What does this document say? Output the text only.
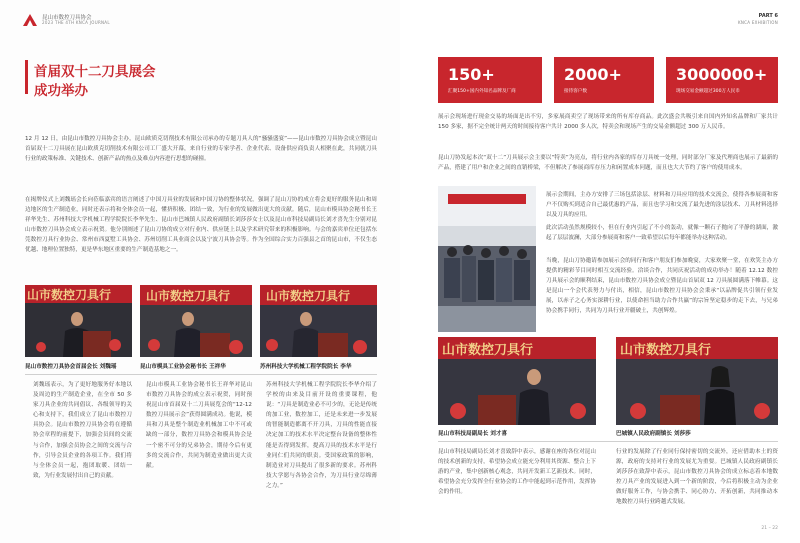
昆山市数控刀具协会
2023 THE 4TH KNCA JOURNAL
首届双十二刀具展会
成功举办
12 月 12 日，由昆山市数控刀具协会主办，昆山欧质克切削技术有限公司承办的专题刀具人的“骚骚盛宴”——昆山市数控刀具协会成立暨昆山首届双十二刀具展在昆山欧质克切削技术有限公司工厂盛大开幕，来自行业的专家学者、企业代表、设备供应商负责人相聚在此，共同就刀具行业的政策标准、关键技术、创新产品的热点及难点内容进行思想的碰撞。
在揭牌仪式上刘魏瑶会长向莅临嘉宾的语言阐述了中国刀具业的发展和中国刀协的整体状况，强调了昆山刀协的成立将会更好的服务昆山和周边地区的生产制造业，同时还表示将和全体会员一起，懂挤积极、团结一致，为行业的发展做出更大的贡献。随后，昆山市模具协会秘书长王祥华先生、苏州科技大学机械工程学院院长李华先生、昆山市巴城镇人民政府副镇长刘莎莎女士以及昆山市科技局副局长刘才喜先生分别对昆山市数控刀具协会成立表示祝贺。他分别阐述了昆山刀协的成立对行业内、供应链上以及学术研究带来的积极影响。与会的嘉宾单位还包括东莞数控刀具行业协会、常州市西夏墅工具协会、苏州切削工具业商会以及宁波刀具协会等。作为全国综合实力百强县之首的昆山市，不仅生态优越、地理位置独特，更是华东地区重要的生产制造基地之一。
山市数控刀具行	山市数控刀具行	山市数控刀具行
昆山市数控刀具协会首届会长 刘魏瑶	昆山市模具工业协会秘书长 王祥华	苏州科技大学机械工程学院院长 李华
刘魏瑶表示，为了更好地服务好本地以及周边的生产制造企业，在全市 50 多家刀具企业的共同倡议、各级领导的关心和支持下，我们成立了昆山市数控刀具协会。昆山市数控刀具协会将在遵循协会章程的前提下，加强会员间的交流与合作，加强会员协会之间的交流与合作，引导会员企业的各项工作。我们将与全体会员一起，抱团取暖、团结一致，为行业发展付出自己的贡献。
昆山市模具工业协会秘书长王祥华对昆山市数控刀具协会的成立表示祝贺，同时预祝昆山市首届双十二刀具展览会的“12-12 数控刀具展示会”获得圆满成功。他说，模具和刀具是整个制造业机械加工中不可或缺的一部分，数控刀具协会和模具协会是一个密不可分的兄弟协会，期待今后有更多的交流合作，共同为制造业做出更大贡献。
苏州科技大学机械工程学院院长李华介绍了学校的由来及目前开设的重要课程，他说：“刀具是制造业必不可少的，无论是传统的加工业，数控加工，还是未来进一步发展的智能制造都离不开刀具，刀具的性能直接决定加工的技术水平决定整台设备的整体性能是否得到发挥，提高刀具的技术水平是行业同仁们共同的职责。受国家政策的影响，制造业对刀具提出了很多新的要求。苏州科技大学愿与各协会合作，为刀具行业尽绵薄之力。”
PART 6
KNCA EXHIBITION
150+
汇聚150+国内外知名品牌及厂商
2000+
接待客户数
3000000+
现场交易金额超过300万人民币
展示会现场进行现金交易的场面是出不穷，多家展商卖空了现场带来的所有库存商品。此次盛会共吸引来自国内外知名品牌和厂家共计 150 多家，据不完全统计两天的时间接待客户共计 2000 多人次，特卖会和现场产生的交易金额超过 300 万人民币。
昆山刀协发起本次“双十二”刀具展示会主要以“特卖”为亮点，将行业内各家的库存刀具统一处理，同时部分厂家及代理商也展示了最新的产品，搭建了用户和企业之间的直销桥梁，不但解决了参展商库存压力和闲置成本问题，而且也大大节约了客户的使用成本。
展示会期间，主办方安排了三场包括涂层、材料和刀具应用的技术交流会，使得各参展商和客户不仅购买到适合自己最优惠的产品，而且也学习和交流了最先进的涂层技术、刀具材料选择以及刀具的应用。
此次活动虽然规模较小，但在行业内引起了不小的轰动，就像一颗石子抛向了平静的湖面，激起了层层波澜，大部分参展商和客户一致希望以后每年都能举办这种活动。
当晚，昆山刀协邀请参加展示会的同行和客户朋友们参加晚宴，大家欢聚一堂，在欢笑主办方提供的精彩节目同时相互交流经验。洽谈合作，共同庆祝活动的成功举办！随着 12.12 数控刀具展示会的顺利结束，昆山市数控刀具协会成立暨昆山首届双 12 刀具展圆满落下帷幕。这是昆山一个会代表努力与付出，相信，昆山市数控刀具协会会秉承“以品牌促共引领行业发展，以赤子之心务实深耕行业，以使命担当助力合作共赢”的宗旨坚定稳步的走下去，与兄弟协会携手同行，共同为刀具行业开疆破土，共创辉煌。
山市数控刀具行	山市数控刀具行
昆山市科技局副局长 刘才喜	巴城镇人民政府副镇长 刘莎莎
昆山市科技局副局长刘才喜致辞中表示，感谢在座的各位对昆山的技术创新的支持，希望协会成立能充分利用其资源、整合上下游的产业，集中创新核心观念，共同开发新工艺新技术。同时，希望协会充分发挥全行业协会的工作中能起到示范作用，发挥协会的作用。
行业的发展除了行业同行保持密切的交流外，还应借助本土的资源，政府的支持对行业的发展尤为重要。巴城镇人民政府副镇长刘莎莎在致辞中表示，昆山市数控刀具协会的成立标志着本地数控刀具产业的发展进入到一个新的阶段，今后将积极主动为企业做好服务工作，与协会携手、同心协力、开拓创新，共同推动本地数控刀具行业跨越式发展。
21 – 22
